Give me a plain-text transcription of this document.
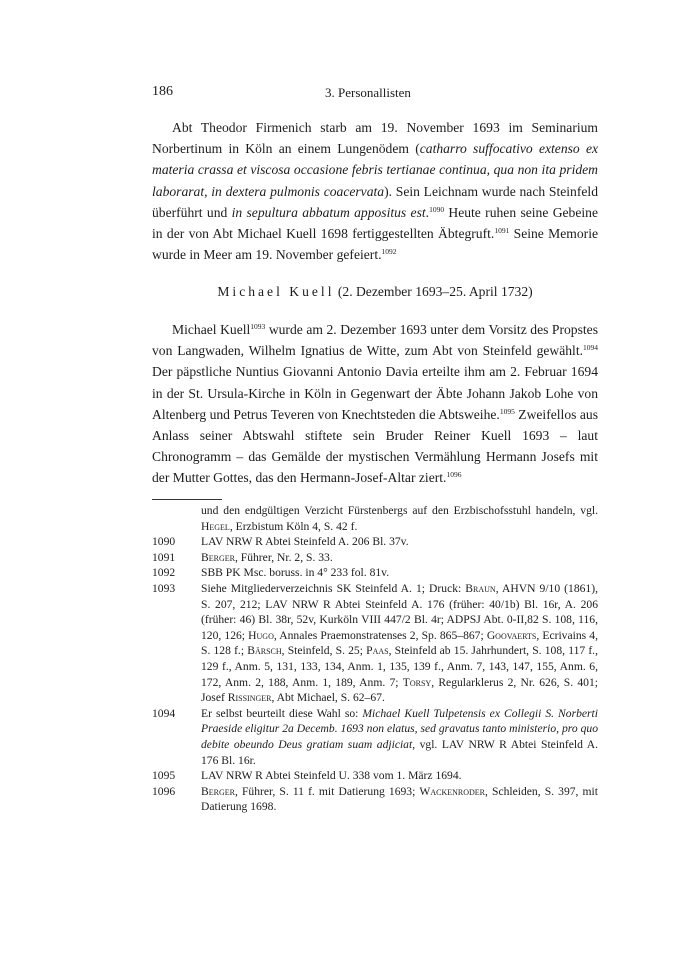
186	3. Personallisten

Abt Theodor Firmenich starb am 19. November 1693 im Seminarium Norbertinum in Köln an einem Lungenödem (catharro suffocativo extenso ex materia crassa et viscosa occasione febris tertianae continua, qua non ita pridem laborarat, in dextera pulmonis coacervata). Sein Leichnam wurde nach Steinfeld überführt und in sepultura abbatum appositus est.$^{1090}$ Heute ruhen seine Gebeine in der von Abt Michael Kuell 1698 fertiggestellten Äbtegruft.$^{1091}$ Seine Memorie wurde in Meer am 19. November gefeiert.$^{1092}$

Michael Kuell (2. Dezember 1693–25. April 1732)

Michael Kuell$^{1093}$ wurde am 2. Dezember 1693 unter dem Vorsitz des Propstes von Langwaden, Wilhelm Ignatius de Witte, zum Abt von Steinfeld gewählt.$^{1094}$ Der päpstliche Nuntius Giovanni Antonio Davia erteilte ihm am 2. Februar 1694 in der St. Ursula-Kirche in Köln in Gegenwart der Äbte Johann Jakob Lohe von Altenberg und Petrus Teveren von Knechtsteden die Abtsweihe.$^{1095}$ Zweifellos aus Anlass seiner Abtswahl stiftete sein Bruder Reiner Kuell 1693 – laut Chronogramm – das Gemälde der mystischen Vermählung Hermann Josefs mit der Mutter Gottes, das den Hermann-Josef-Altar ziert.$^{1096}$

und den endgültigen Verzicht Fürstenbergs auf den Erzbischofsstuhl handeln, vgl. Hegel, Erzbistum Köln 4, S. 42 f.
1090	LAV NRW R Abtei Steinfeld A. 206 Bl. 37v.
1091	Berger, Führer, Nr. 2, S. 33.
1092	SBB PK Msc. boruss. in 4° 233 fol. 81v.
1093	Siehe Mitgliederverzeichnis SK Steinfeld A. 1; Druck: Braun, AHVN 9/10 (1861), S. 207, 212; LAV NRW R Abtei Steinfeld A. 176 (früher: 40/1b) Bl. 16r, A. 206 (früher: 46) Bl. 38r, 52v, Kurköln VIII 447/2 Bl. 4r; ADPSJ Abt. 0-II,82 S. 108, 116, 120, 126; Hugo, Annales Praemonstratenses 2, Sp. 865–867; Goovaerts, Ecrivains 4, S. 128 f.; Bärsch, Steinfeld, S. 25; Paas, Steinfeld ab 15. Jahrhundert, S. 108, 117 f., 129 f., Anm. 5, 131, 133, 134, Anm. 1, 135, 139 f., Anm. 7, 143, 147, 155, Anm. 6, 172, Anm. 2, 188, Anm. 1, 189, Anm. 7; Torsy, Regularklerus 2, Nr. 626, S. 401; Josef Rissinger, Abt Michael, S. 62–67.
1094	Er selbst beurteilt diese Wahl so: Michael Kuell Tulpetensis ex Collegii S. Norberti Praeside eligitur 2a Decemb. 1693 non elatus, sed gravatus tanto ministerio, pro quo debite obeundo Deus gratiam suam adjiciat, vgl. LAV NRW R Abtei Steinfeld A. 176 Bl. 16r.
1095	LAV NRW R Abtei Steinfeld U. 338 vom 1. März 1694.
1096	Berger, Führer, S. 11 f. mit Datierung 1693; Wackenroder, Schleiden, S. 397, mit Datierung 1698.
